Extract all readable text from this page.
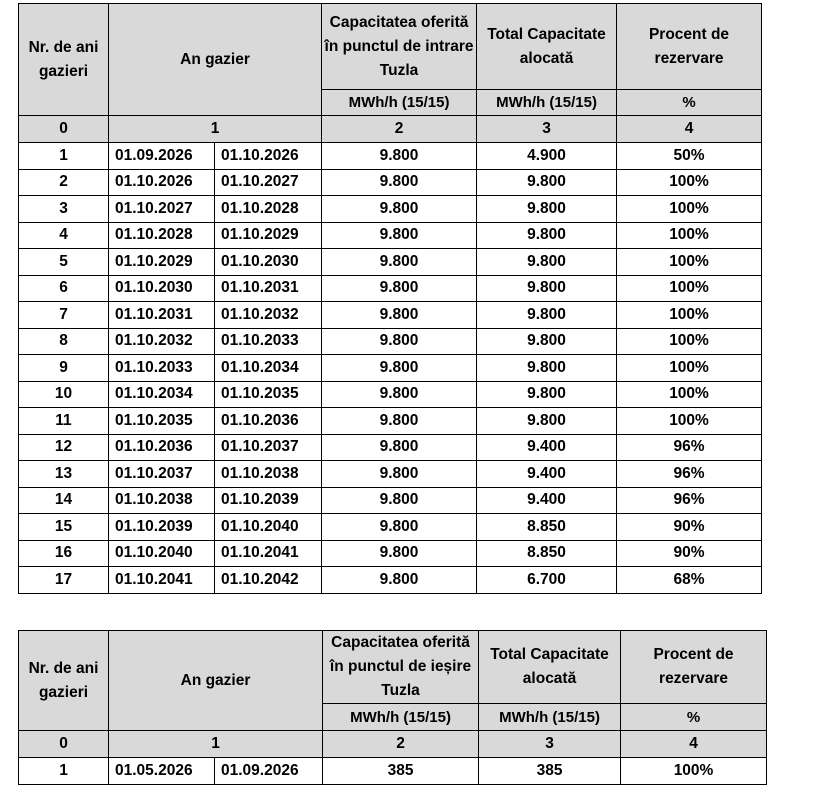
Nr. de ani gazieri	An gazier		Capacitatea oferită în punctul de intrare Tuzla	Total Capacitate alocată	Procent de rezervare
			MWh/h (15/15)	MWh/h (15/15)	%
0	1		2	3	4
1	01.09.2026	01.10.2026	9.800	4.900	50%
2	01.10.2026	01.10.2027	9.800	9.800	100%
3	01.10.2027	01.10.2028	9.800	9.800	100%
4	01.10.2028	01.10.2029	9.800	9.800	100%
5	01.10.2029	01.10.2030	9.800	9.800	100%
6	01.10.2030	01.10.2031	9.800	9.800	100%
7	01.10.2031	01.10.2032	9.800	9.800	100%
8	01.10.2032	01.10.2033	9.800	9.800	100%
9	01.10.2033	01.10.2034	9.800	9.800	100%
10	01.10.2034	01.10.2035	9.800	9.800	100%
11	01.10.2035	01.10.2036	9.800	9.800	100%
12	01.10.2036	01.10.2037	9.800	9.400	96%
13	01.10.2037	01.10.2038	9.800	9.400	96%
14	01.10.2038	01.10.2039	9.800	9.400	96%
15	01.10.2039	01.10.2040	9.800	8.850	90%
16	01.10.2040	01.10.2041	9.800	8.850	90%
17	01.10.2041	01.10.2042	9.800	6.700	68%
Nr. de ani gazieri	An gazier		Capacitatea oferită în punctul de ieșire Tuzla	Total Capacitate alocată	Procent de rezervare
			MWh/h (15/15)	MWh/h (15/15)	%
0	1		2	3	4
1	01.05.2026	01.09.2026	385	385	100%
